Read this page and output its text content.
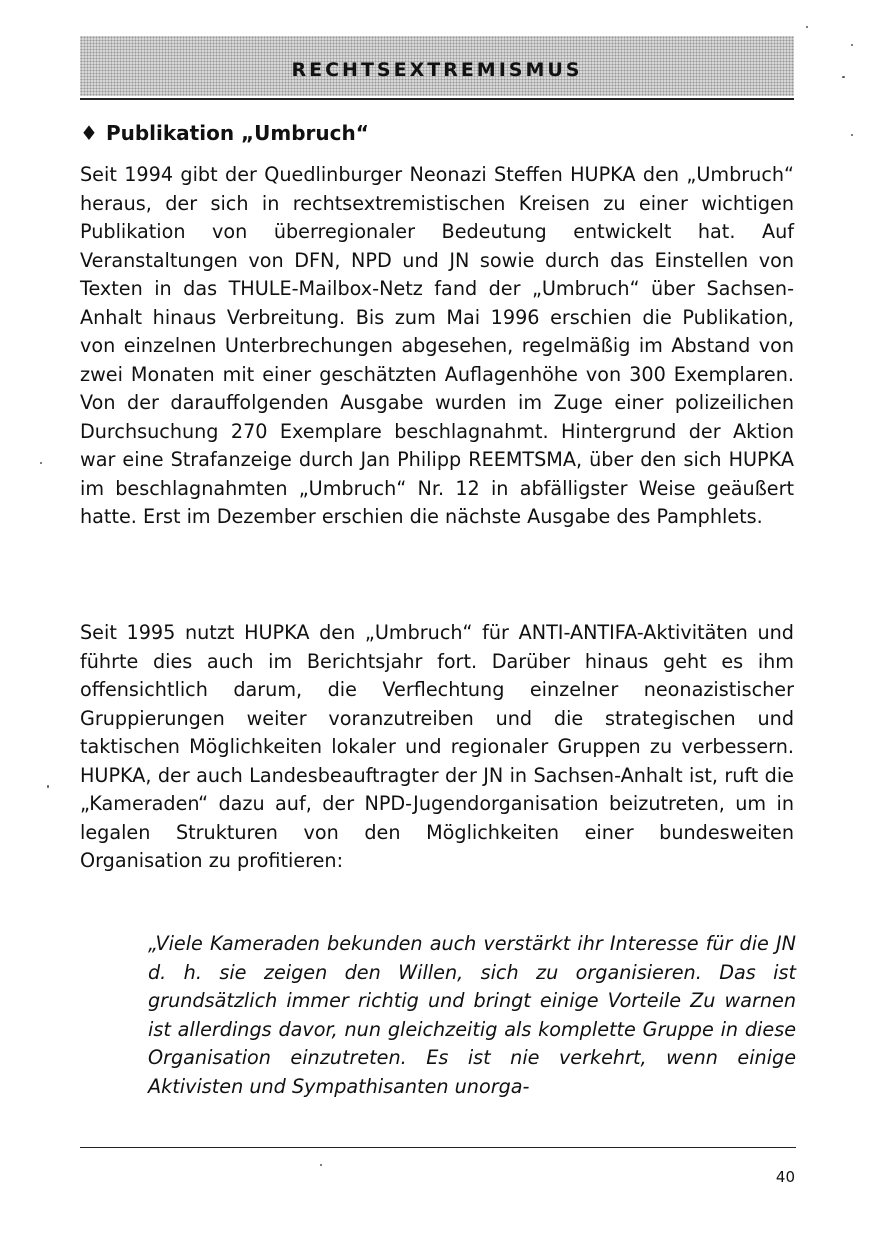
RECHTSEXTREMISMUS
♦ Publikation „Umbruch“

Seit 1994 gibt der Quedlinburger Neonazi Steffen HUPKA den „Umbruch“ heraus, der sich in rechtsextremistischen Kreisen zu einer wichtigen Publikation von überregionaler Bedeutung entwickelt hat. Auf Veranstaltungen von DFN, NPD und JN sowie durch das Einstellen von Texten in das THULE-Mailbox-Netz fand der „Umbruch“ über Sachsen-Anhalt hinaus Verbreitung. Bis zum Mai 1996 erschien die Publikation, von einzelnen Unterbrechungen abgesehen, regelmäßig im Abstand von zwei Monaten mit einer geschätzten Auflagenhöhe von 300 Exemplaren. Von der darauffolgenden Ausgabe wurden im Zuge einer polizeilichen Durchsuchung 270 Exemplare beschlagnahmt. Hintergrund der Aktion war eine Strafanzeige durch Jan Philipp REEMTSMA, über den sich HUPKA im beschlagnahmten „Umbruch“ Nr. 12 in abfälligster Weise geäußert hatte. Erst im Dezember erschien die nächste Ausgabe des Pamphlets.

Seit 1995 nutzt HUPKA den „Umbruch“ für ANTI-ANTIFA-Aktivitäten und führte dies auch im Berichtsjahr fort. Darüber hinaus geht es ihm offensichtlich darum, die Verflechtung einzelner neonazistischer Gruppierungen weiter voranzutreiben und die strategischen und taktischen Möglichkeiten lokaler und regionaler Gruppen zu verbessern. HUPKA, der auch Landesbeauftragter der JN in Sachsen-Anhalt ist, ruft die „Kameraden“ dazu auf, der NPD-Jugendorganisation beizutreten, um in legalen Strukturen von den Möglichkeiten einer bundesweiten Organisation zu profitieren:

„Viele Kameraden bekunden auch verstärkt ihr Interesse für die JN d. h. sie zeigen den Willen, sich zu organisieren. Das ist grundsätzlich immer richtig und bringt einige Vorteile Zu warnen ist allerdings davor, nun gleichzeitig als komplette Gruppe in diese Organisation einzutreten. Es ist nie verkehrt, wenn einige Aktivisten und Sympathisanten unorga-

40
